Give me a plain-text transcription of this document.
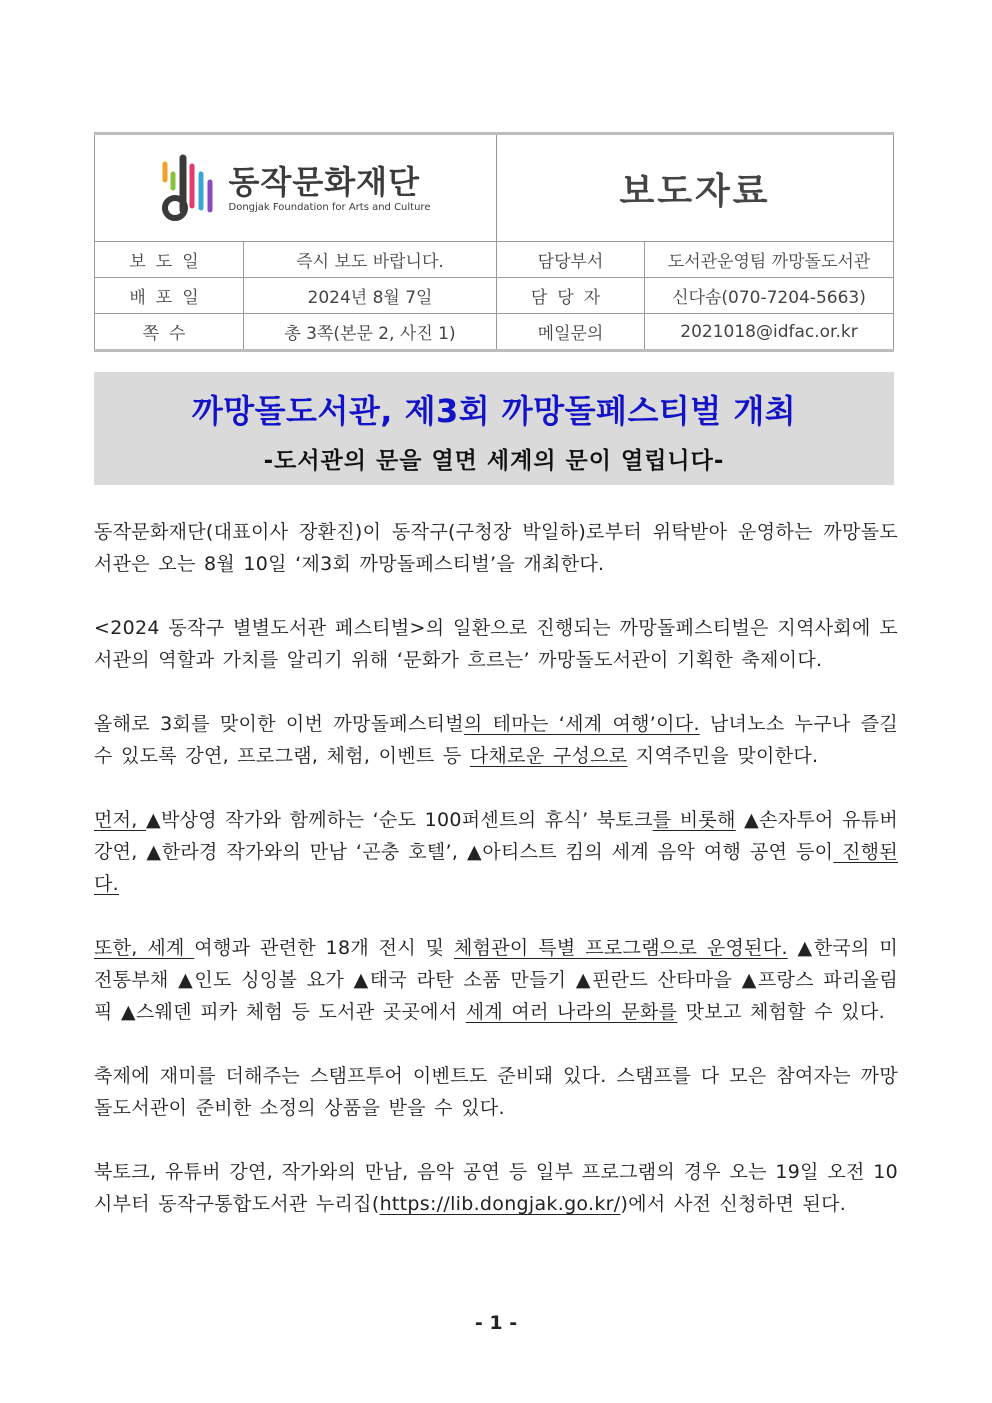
동작문화재단
Dongjak Foundation for Arts and Culture		보도자료	
보도일	즉시 보도 바랍니다.	담당부서	도서관운영팀 까망돌도서관
배포일	2024년 8월 7일	담당자	신다솜(070-7204-5663)
쪽수	총 3쪽(본문 2, 사진 1)	메일문의	2021018@idfac.or.kr
까망돌도서관, 제3회 까망돌페스티벌 개최
-도서관의 문을 열면 세계의 문이 열립니다-

동작문화재단(대표이사 장환진)이 동작구(구청장 박일하)로부터 위탁받아 운영하는 까망돌도서관은 오는 8월 10일 ‘제3회 까망돌페스티벌’을 개최한다.

<2024 동작구 별별도서관 페스티벌>의 일환으로 진행되는 까망돌페스티벌은 지역사회에 도서관의 역할과 가치를 알리기 위해 ‘문화가 흐르는’ 까망돌도서관이 기획한 축제이다.

올해로 3회를 맞이한 이번 까망돌페스티벌의 테마는 ‘세계 여행’이다. 남녀노소 누구나 즐길 수 있도록 강연, 프로그램, 체험, 이벤트 등 다채로운 구성으로 지역주민을 맞이한다.

먼저, ▲박상영 작가와 함께하는 ‘순도 100퍼센트의 휴식’ 북토크를 비롯해 ▲손자투어 유튜버 강연, ▲한라경 작가와의 만남 ‘곤충 호텔’, ▲아티스트 킴의 세계 음악 여행 공연 등이 진행된다.

또한, 세계 여행과 관련한 18개 전시 및 체험관이 특별 프로그램으로 운영된다. ▲한국의 미 전통부채 ▲인도 싱잉볼 요가 ▲태국 라탄 소품 만들기 ▲핀란드 산타마을 ▲프랑스 파리올림픽 ▲스웨덴 피카 체험 등 도서관 곳곳에서 세계 여러 나라의 문화를 맛보고 체험할 수 있다.

축제에 재미를 더해주는 스탬프투어 이벤트도 준비돼 있다. 스탬프를 다 모은 참여자는 까망돌도서관이 준비한 소정의 상품을 받을 수 있다.

북토크, 유튜버 강연, 작가와의 만남, 음악 공연 등 일부 프로그램의 경우 오는 19일 오전 10시부터 동작구통합도서관 누리집(https://lib.dongjak.go.kr/)에서 사전 신청하면 된다.

- 1 -
